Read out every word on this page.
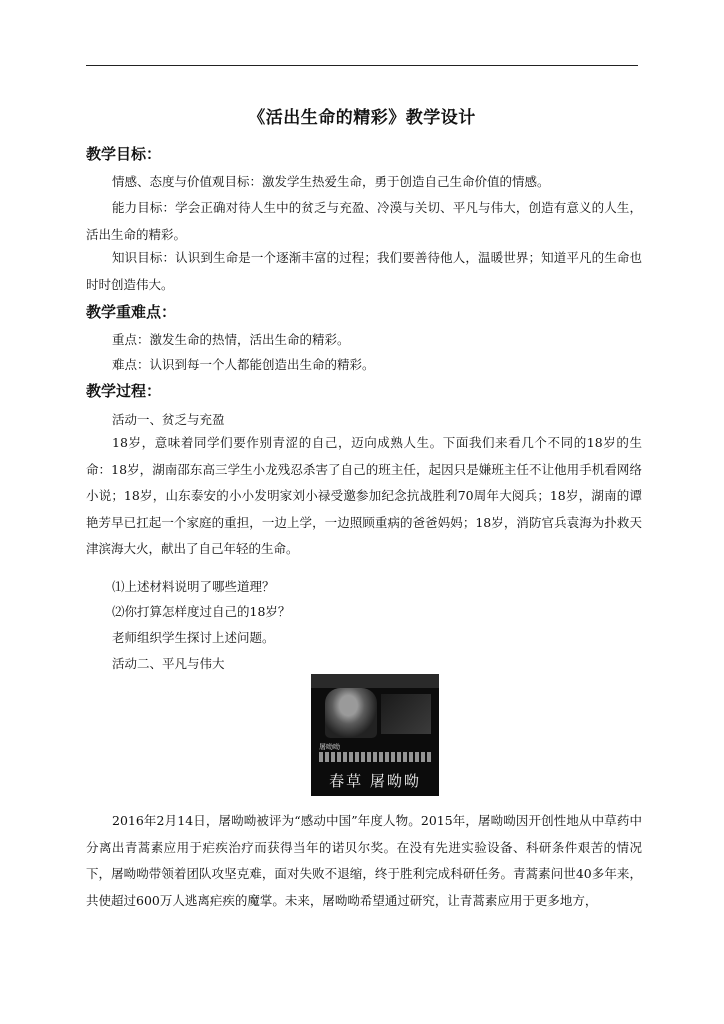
《活出生命的精彩》教学设计
教学目标：
情感、态度与价值观目标：激发学生热爱生命，勇于创造自己生命价值的情感。
能力目标：学会正确对待人生中的贫乏与充盈、冷漠与关切、平凡与伟大，创造有意义的人生，活出生命的精彩。
知识目标：认识到生命是一个逐渐丰富的过程；我们要善待他人，温暖世界；知道平凡的生命也时时创造伟大。
教学重难点：
重点：激发生命的热情，活出生命的精彩。
难点：认识到每一个人都能创造出生命的精彩。
教学过程：
活动一、贫乏与充盈
18岁，意味着同学们要作别青涩的自己，迈向成熟人生。下面我们来看几个不同的18岁的生命：18岁，湖南邵东高三学生小龙残忍杀害了自己的班主任，起因只是嫌班主任不让他用手机看网络小说；18岁，山东泰安的小小发明家刘小禄受邀参加纪念抗战胜利70周年大阅兵；18岁，湖南的谭艳芳早已扛起一个家庭的重担，一边上学，一边照顾重病的爸爸妈妈；18岁，消防官兵袁海为扑救天津滨海大火，献出了自己年轻的生命。
⑴上述材料说明了哪些道理？
⑵你打算怎样度过自己的18岁？
老师组织学生探讨上述问题。
活动二、平凡与伟大
屠呦呦
春草 屠呦呦
2016年2月14日，屠呦呦被评为“感动中国”年度人物。2015年，屠呦呦因开创性地从中草药中分离出青蒿素应用于疟疾治疗而获得当年的诺贝尔奖。在没有先进实验设备、科研条件艰苦的情况下，屠呦呦带领着团队攻坚克难，面对失败不退缩，终于胜利完成科研任务。青蒿素问世40多年来，共使超过600万人逃离疟疾的魔掌。未来，屠呦呦希望通过研究，让青蒿素应用于更多地方，
